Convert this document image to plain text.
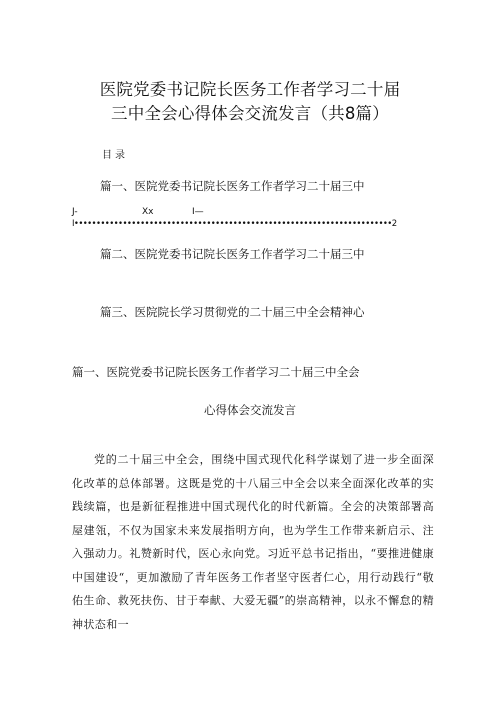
医院党委书记院长医务工作者学习二十届
三中全会心得体会交流发言（共8篇）
目录
篇一、医院党委书记院长医务工作者学习二十届三中
J-	Xx	I—
I••••••••••••••••••••••••••••••••••••••••••••••••••••••••••••••••••••••••2
篇二、医院党委书记院长医务工作者学习二十届三中
篇三、医院院长学习贯彻党的二十届三中全会精神心
篇一、医院党委书记院长医务工作者学习二十届三中全会
心得体会交流发言
党的二十届三中全会，围绕中国式现代化科学谋划了进一步全面深化改革的总体部署。这既是党的十八届三中全会以来全面深化改革的实践续篇，也是新征程推进中国式现代化的时代新篇。全会的决策部署高屋建瓴，不仅为国家未来发展指明方向，也为学生工作带来新启示、注入强动力。礼赞新时代，医心永向党。习近平总书记指出，“要推进健康中国建设“，更加激励了青年医务工作者坚守医者仁心，用行动践行“敬佑生命、救死扶伤、甘于奉献、大爱无疆”的崇高精神，以永不懈怠的精神状态和一
